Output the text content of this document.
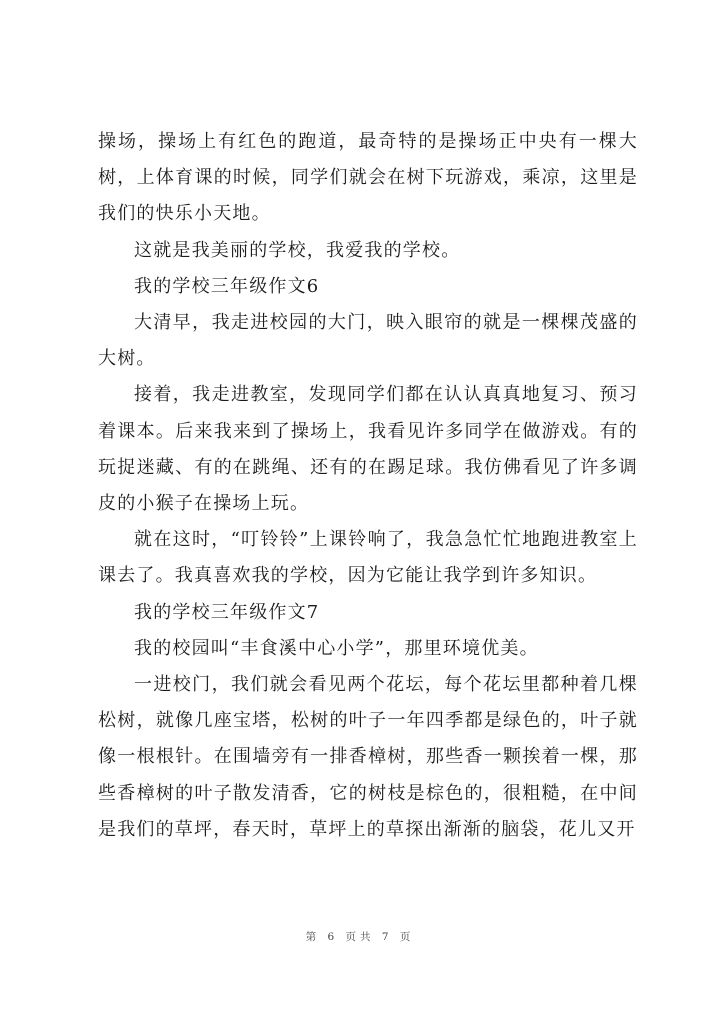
操场，操场上有红色的跑道，最奇特的是操场正中央有一棵大树，上体育课的时候，同学们就会在树下玩游戏，乘凉，这里是我们的快乐小天地。

这就是我美丽的学校，我爱我的学校。

我的学校三年级作文6

大清早，我走进校园的大门，映入眼帘的就是一棵棵茂盛的大树。

接着，我走进教室，发现同学们都在认认真真地复习、预习着课本。后来我来到了操场上，我看见许多同学在做游戏。有的玩捉迷藏、有的在跳绳、还有的在踢足球。我仿佛看见了许多调皮的小猴子在操场上玩。

就在这时，“叮铃铃”上课铃响了，我急急忙忙地跑进教室上课去了。我真喜欢我的学校，因为它能让我学到许多知识。

我的学校三年级作文7

我的校园叫“丰食溪中心小学”，那里环境优美。

一进校门，我们就会看见两个花坛，每个花坛里都种着几棵松树，就像几座宝塔，松树的叶子一年四季都是绿色的，叶子就像一根根针。在围墙旁有一排香樟树，那些香一颗挨着一棵，那些香樟树的叶子散发清香，它的树枝是棕色的，很粗糙，在中间是我们的草坪，春天时，草坪上的草探出渐渐的脑袋，花儿又开

第 6 页共 7 页
